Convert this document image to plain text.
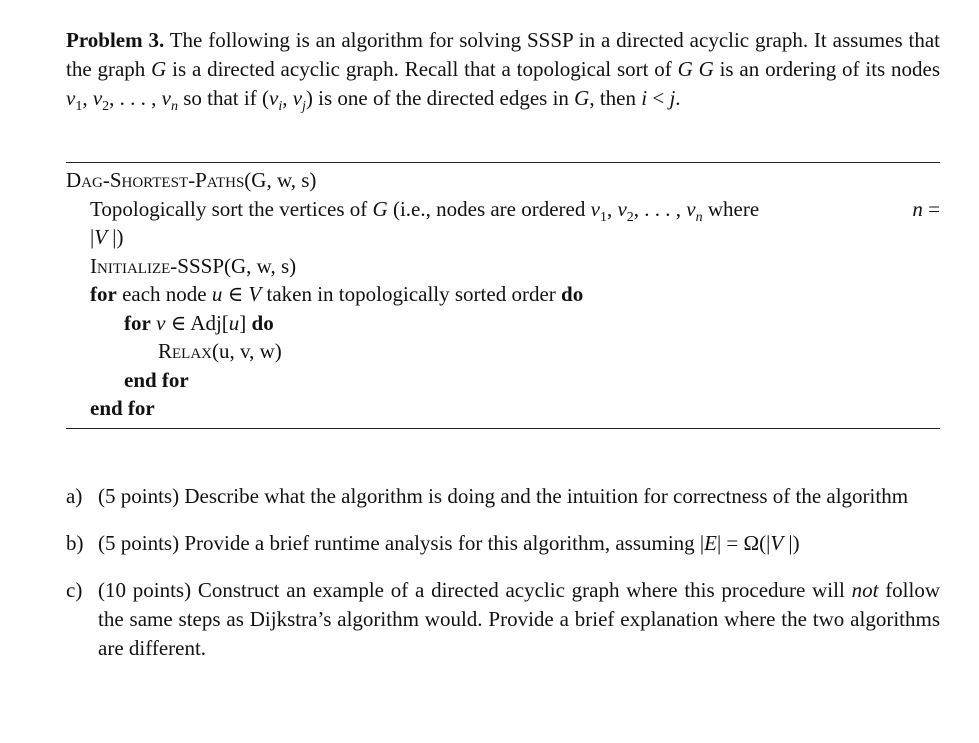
Problem 3. The following is an algorithm for solving SSSP in a directed acyclic graph. It assumes that the graph G is a directed acyclic graph. Recall that a topological sort of G G is an ordering of its nodes $v_1$, $v_2$, . . . , $v_n$ so that if ($v_i$, $v_j$) is one of the directed edges in G, then i < j.
Dag-Shortest-Paths(G, w, s)
Topologically sort the vertices of G (i.e., nodes are ordered $v_1$, $v_2$, . . . , $v_n$ where	n =
|V |)
Initialize-SSSP(G, w, s)
for each node u ∈ V taken in topologically sorted order do
for v ∈ Adj[u] do
Relax(u, v, w)
end for
end for
a) (5 points) Describe what the algorithm is doing and the intuition for correctness of the algorithm
b) (5 points) Provide a brief runtime analysis for this algorithm, assuming |E| = Ω(|V |)
c) (10 points) Construct an example of a directed acyclic graph where this procedure will not follow the same steps as Dijkstra’s algorithm would. Provide a brief explanation where the two algorithms are different.
